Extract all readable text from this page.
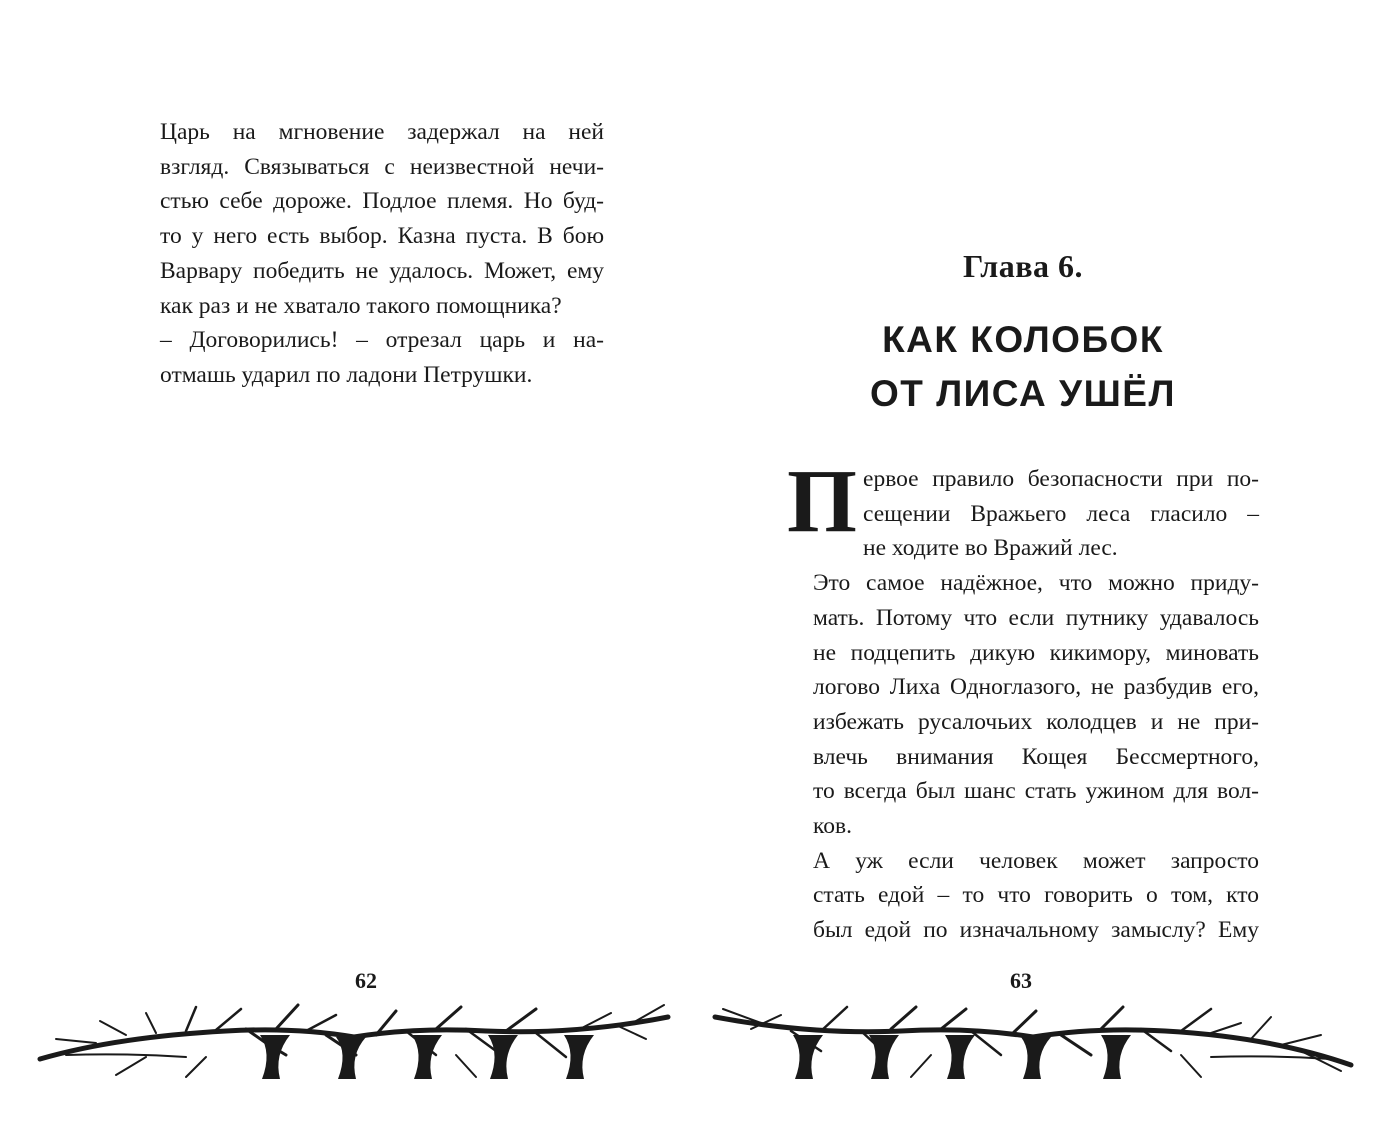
Царь на мгновение задержал на ней
взгляд. Связываться с неизвестной нечи-
стью себе дороже. Подлое племя. Но буд-
то у него есть выбор. Казна пуста. В бою
Варвару победить не удалось. Может, ему
как раз и не хватало такого помощника?

– Договорились! – отрезал царь и на-
отмашь ударил по ладони Петрушки.

62
Глава 6.
КАК КОЛОБОК
ОТ ЛИСА УШЁЛ

П ервое правило безопасности при по-
сещении Вражьего леса гласило –
не ходите во Вражий лес.

Это самое надёжное, что можно приду-
мать. Потому что если путнику удавалось
не подцепить дикую кикимору, миновать
логово Лиха Одноглазого, не разбудив его,
избежать русалочьих колодцев и не при-
влечь внимания Кощея Бессмертного,
то всегда был шанс стать ужином для вол-
ков.

А уж если человек может запросто
стать едой – то что говорить о том, кто
был едой по изначальному замыслу? Ему

63
